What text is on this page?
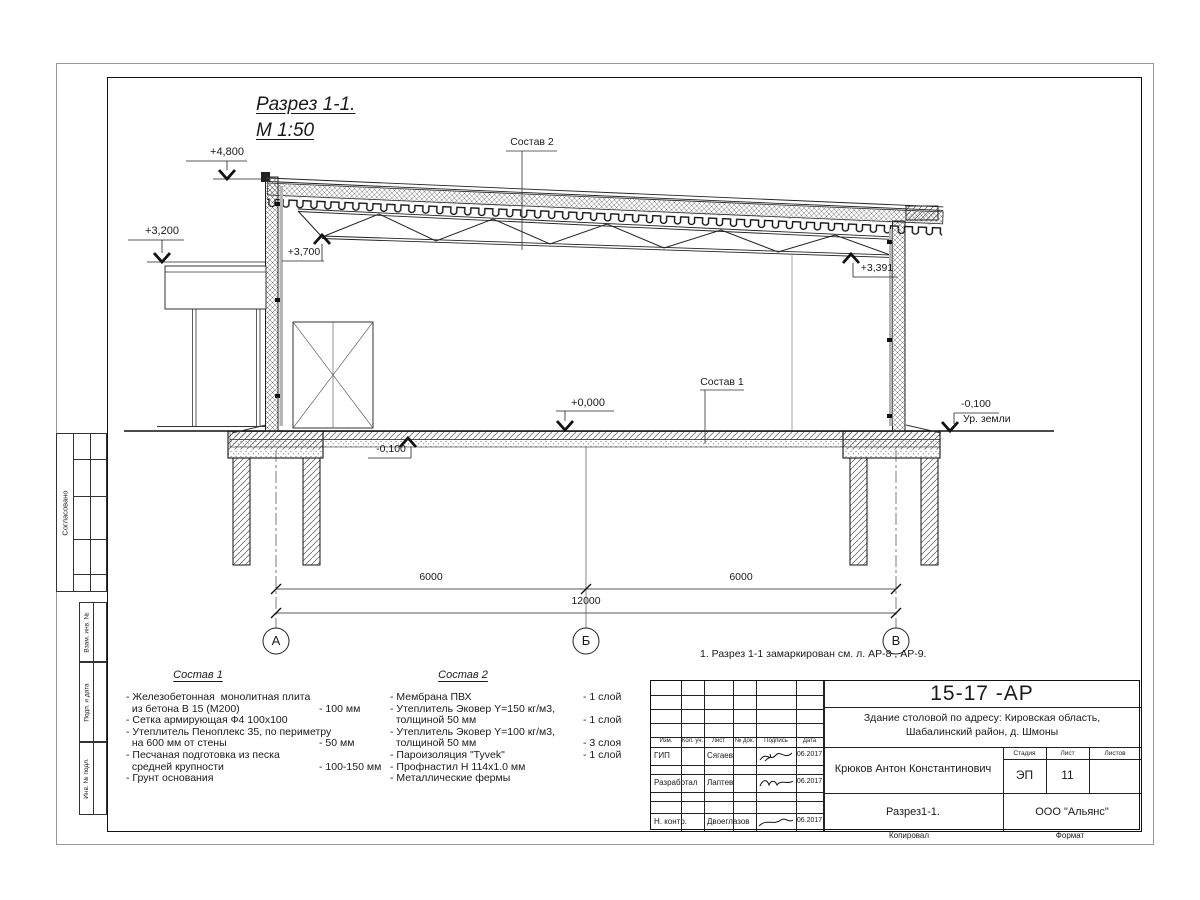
Разрез 1-1.
М 1:50
+4,800
+3,200
+3,700
+3,391
+0,000
-0,100
-0,100
Ур. земли
Состав 2
Состав 1
6000	6000
12000
А	Б	В
1. Разрез 1-1 замаркирован см. л. АР-8 , АР-9.
Состав 1
- Железобетонная  монолитная плита
из бетона В 15 (М200)	- 100 мм
- Сетка армирующая Ф4 100х100
- Утеплитель Пеноплекс 35, по периметру
на 600 мм от стены	- 50 мм
- Песчаная подготовка из песка
средней крупности	- 100-150 мм
- Грунт основания
Состав 2
- Мембрана ПВХ	- 1 слой
- Утеплитель Эковер Y=150 кг/м3,
толщиной 50 мм	- 1 слой
- Утеплитель Эковер Y=100 кг/м3,
толщиной 50 мм	- 3 слоя
- Пароизоляция "Tyvek"	- 1 слой
- Профнастил Н 114х1.0 мм
- Металлические фермы
Изм.	Кол. уч.	Лист	№ док.	Подпись	Дата
ГИП	Сягаев	06.2017
Разработал	Лаптев	06.2017
Н. контр.	Двоеглазов	06.2017
15-17 -АР
Здание столовой по адресу: Кировская область,
Шабалинский район, д. Шмоны
Крюков Антон Константинович
Стадия	Лист	Листов
ЭП	11
Разрез1-1.	ООО "Альянс"
Копировал	Формат
Согласовано
Взам. инв. №
Подп. и дата
Инв. № подл.
